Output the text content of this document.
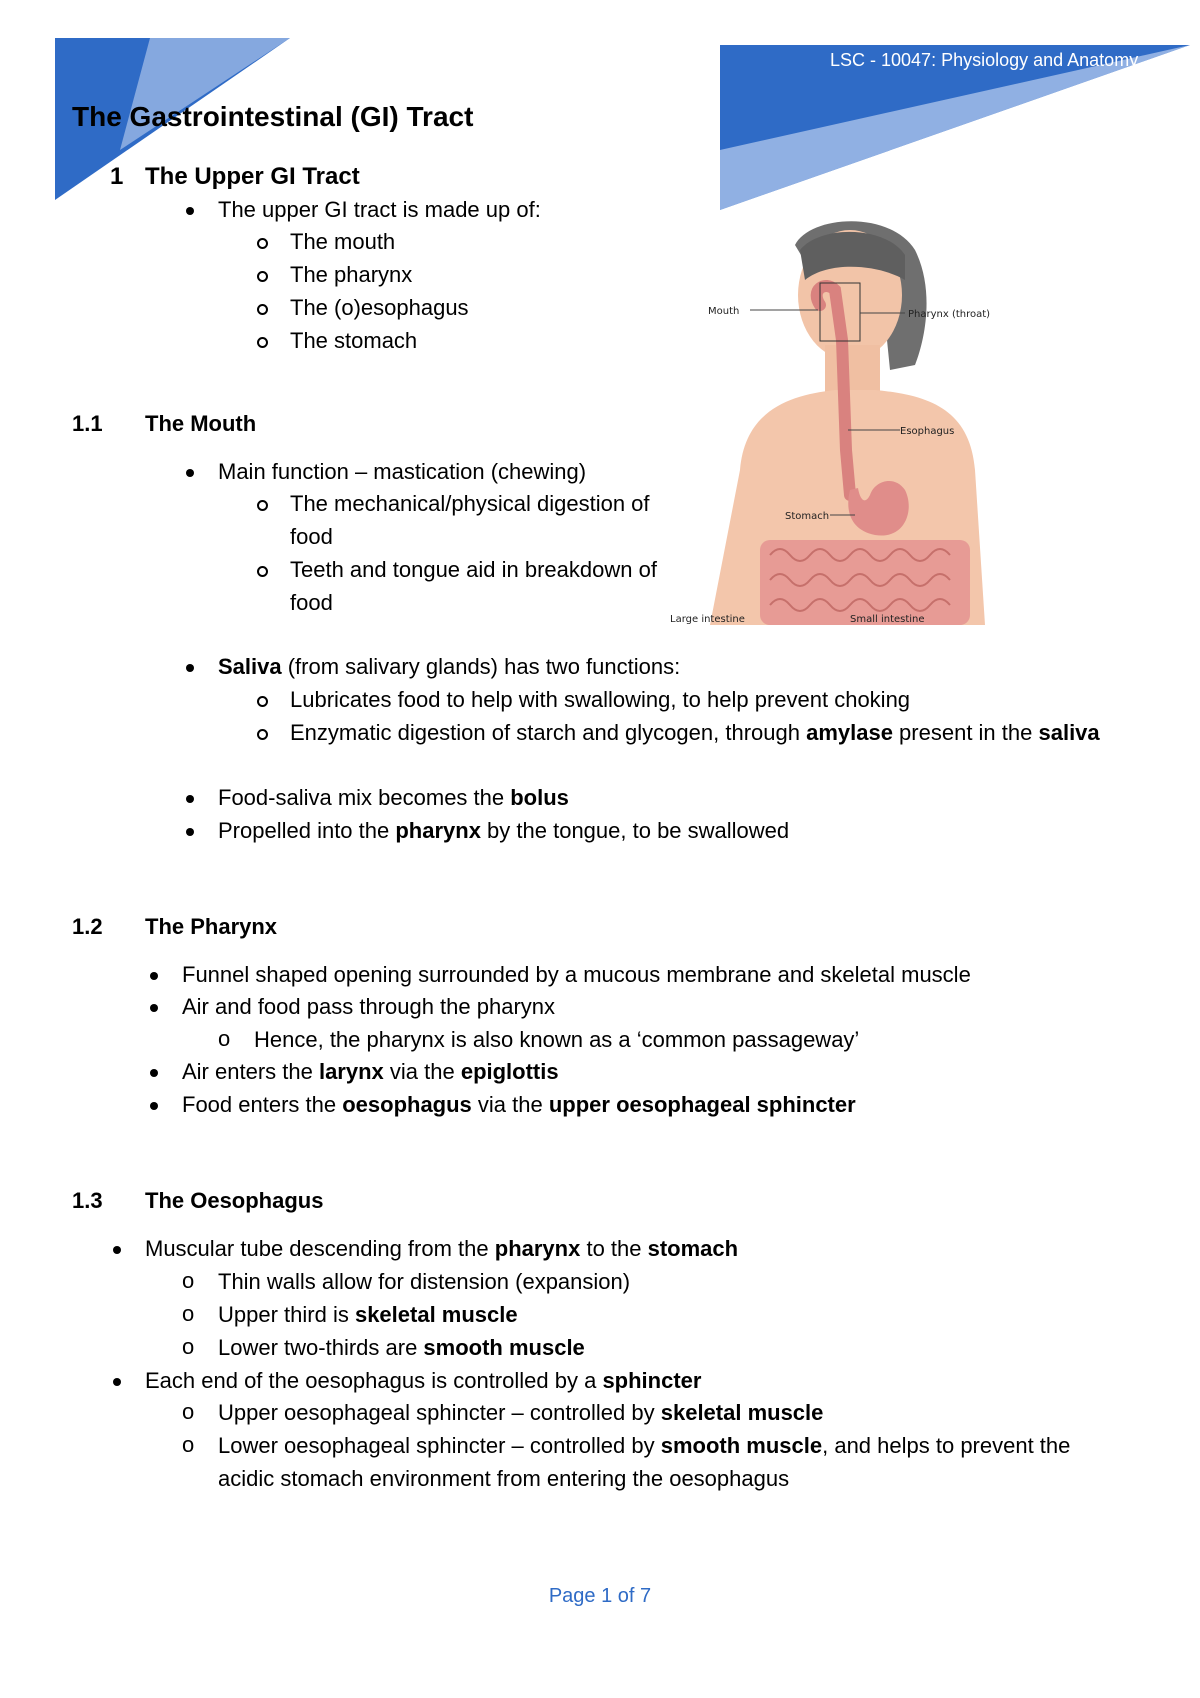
LSC - 10047: Physiology and Anatomy
The Gastrointestinal (GI) Tract
1 The Upper GI Tract
The upper GI tract is made up of:
The mouth
The pharynx
The (o)esophagus
The stomach
1.1 The Mouth
Main function – mastication (chewing)
The mechanical/physical digestion of
food
Teeth and tongue aid in breakdown of
food
Saliva (from salivary glands) has two functions:
Lubricates food to help with swallowing, to help prevent choking
Enzymatic digestion of starch and glycogen, through amylase present in the saliva
Food-saliva mix becomes the bolus
Propelled into the pharynx by the tongue, to be swallowed
1.2 The Pharynx
Funnel shaped opening surrounded by a mucous membrane and skeletal muscle
Air and food pass through the pharynx
o Hence, the pharynx is also known as a ‘common passageway’
Air enters the larynx via the epiglottis
Food enters the oesophagus via the upper oesophageal sphincter
1.3 The Oesophagus
Muscular tube descending from the pharynx to the stomach
o Thin walls allow for distension (expansion)
o Upper third is skeletal muscle
o Lower two-thirds are smooth muscle
Each end of the oesophagus is controlled by a sphincter
o Upper oesophageal sphincter – controlled by skeletal muscle
o Lower oesophageal sphincter – controlled by smooth muscle, and helps to prevent the
acidic stomach environment from entering the oesophagus
Mouth	Pharynx (throat)
Esophagus
Stomach
Large intestine	Small intestine
Page 1 of 7
